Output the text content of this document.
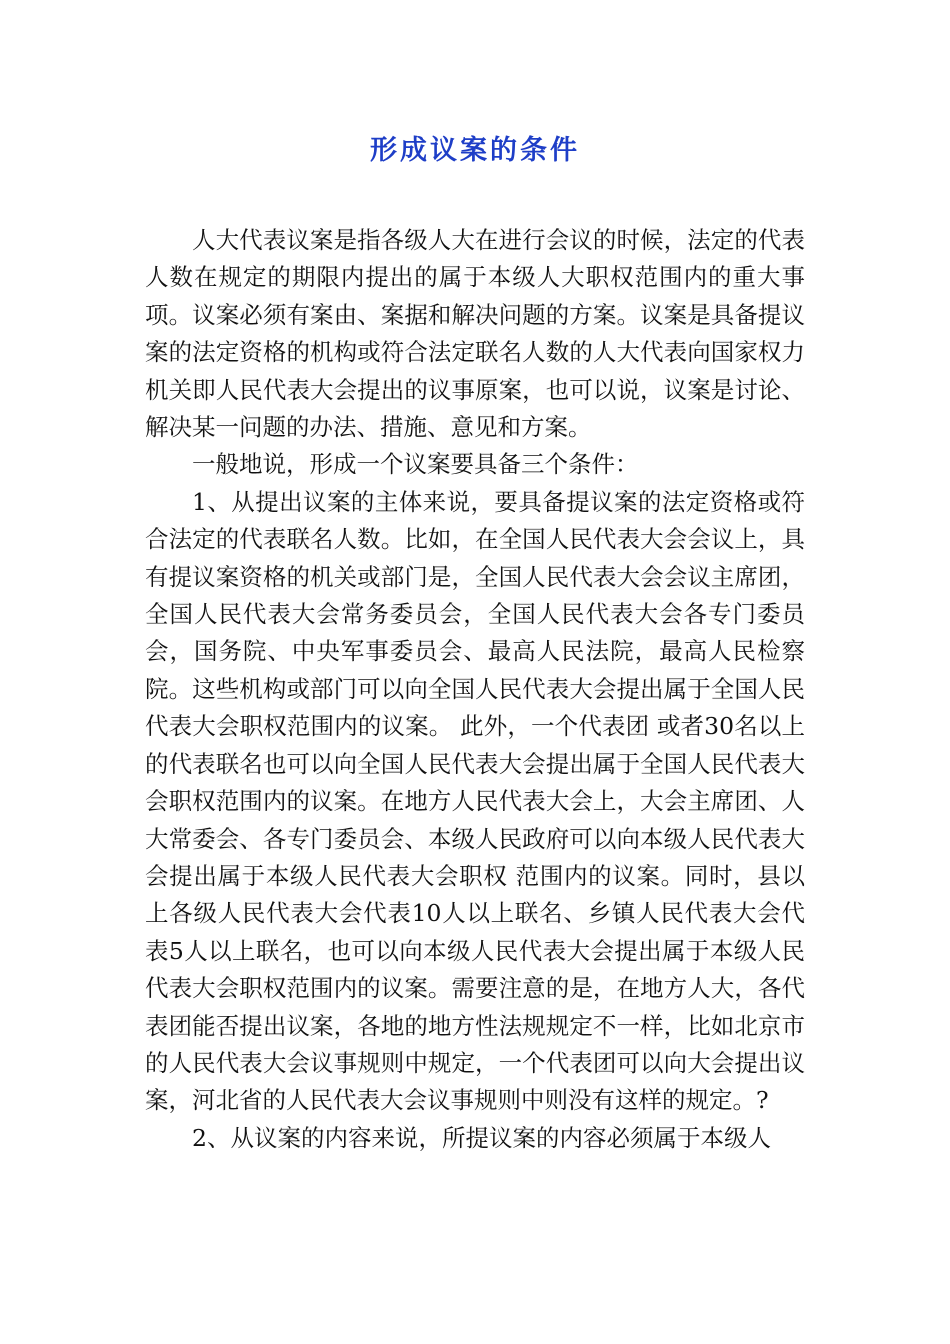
形成议案的条件

人大代表议案是指各级人大在进行会议的时候，法定的代表人数在规定的期限内提出的属于本级人大职权范围内的重大事项。议案必须有案由、案据和解决问题的方案。议案是具备提议案的法定资格的机构或符合法定联名人数的人大代表向国家权力机关即人民代表大会提出的议事原案，也可以说，议案是讨论、解决某一问题的办法、措施、意见和方案。

一般地说，形成一个议案要具备三个条件：

1、从提出议案的主体来说，要具备提议案的法定资格或符合法定的代表联名人数。比如，在全国人民代表大会会议上，具有提议案资格的机关或部门是，全国人民代表大会会议主席团，全国人民代表大会常务委员会，全国人民代表大会各专门委员会，国务院、中央军事委员会、最高人民法院，最高人民检察院。这些机构或部门可以向全国人民代表大会提出属于全国人民代表大会职权范围内的议案。 此外，一个代表团 或者30名以上的代表联名也可以向全国人民代表大会提出属于全国人民代表大会职权范围内的议案。在地方人民代表大会上，大会主席团、人大常委会、各专门委员会、本级人民政府可以向本级人民代表大会提出属于本级人民代表大会职权 范围内的议案。同时，县以上各级人民代表大会代表10人以上联名、乡镇人民代表大会代表5人以上联名，也可以向本级人民代表大会提出属于本级人民代表大会职权范围内的议案。需要注意的是，在地方人大，各代表团能否提出议案，各地的地方性法规规定不一样，比如北京市的人民代表大会议事规则中规定，一个代表团可以向大会提出议案，河北省的人民代表大会议事规则中则没有这样的规定。?

2、从议案的内容来说，所提议案的内容必须属于本级人
